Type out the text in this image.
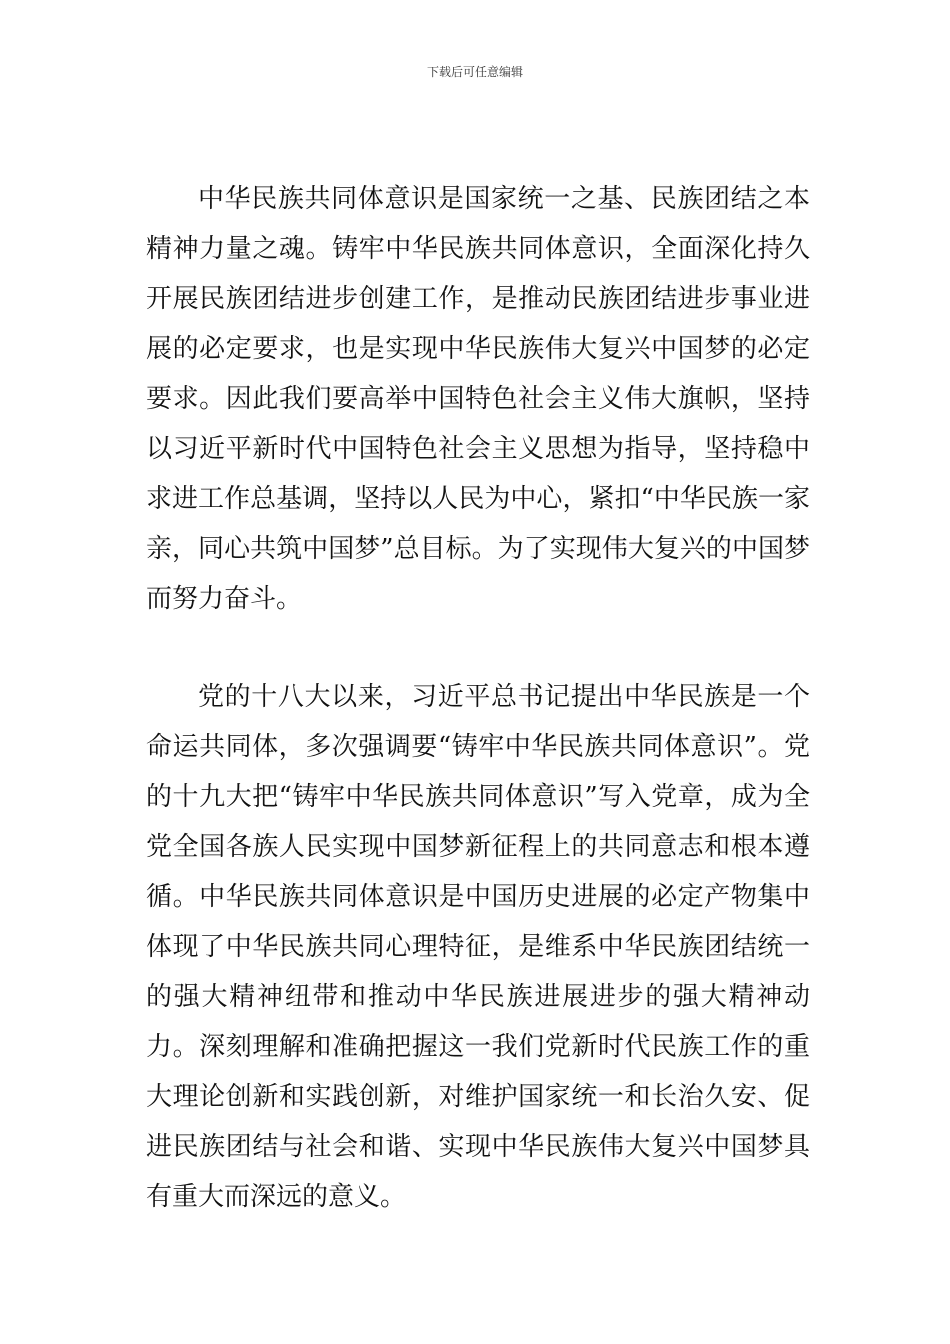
下载后可任意编辑

中华民族共同体意识是国家统一之基、民族团结之本精神力量之魂。铸牢中华民族共同体意识，全面深化持久开展民族团结进步创建工作，是推动民族团结进步事业进展的必定要求，也是实现中华民族伟大复兴中国梦的必定要求。因此我们要高举中国特色社会主义伟大旗帜，坚持以习近平新时代中国特色社会主义思想为指导，坚持稳中求进工作总基调，坚持以人民为中心，紧扣“中华民族一家亲，同心共筑中国梦”总目标。为了实现伟大复兴的中国梦而努力奋斗。

党的十八大以来，习近平总书记提出中华民族是一个命运共同体，多次强调要“铸牢中华民族共同体意识”。党的十九大把“铸牢中华民族共同体意识”写入党章，成为全党全国各族人民实现中国梦新征程上的共同意志和根本遵循。中华民族共同体意识是中国历史进展的必定产物集中体现了中华民族共同心理特征，是维系中华民族团结统一的强大精神纽带和推动中华民族进展进步的强大精神动力。深刻理解和准确把握这一我们党新时代民族工作的重大理论创新和实践创新，对维护国家统一和长治久安、促进民族团结与社会和谐、实现中华民族伟大复兴中国梦具有重大而深远的意义。
